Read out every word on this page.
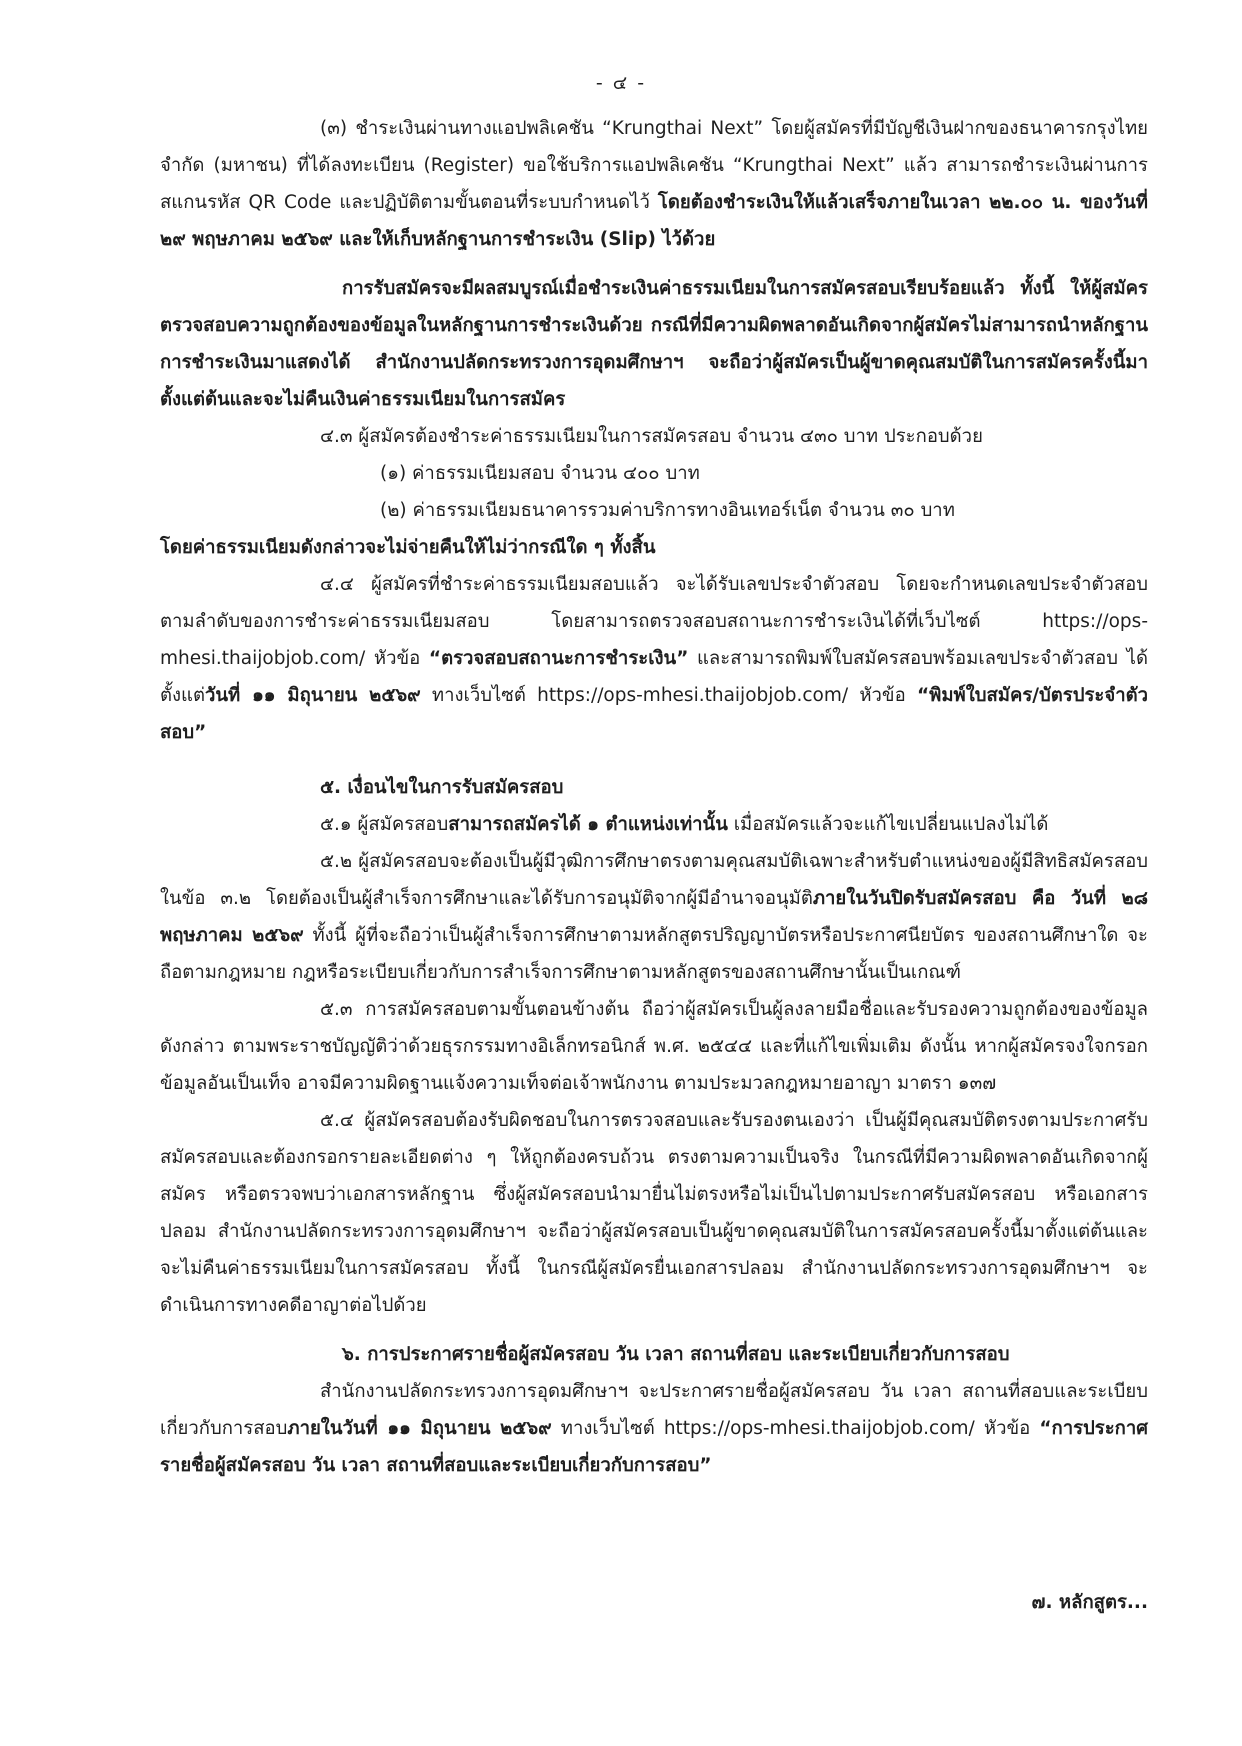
- ๔ -

(๓) ชำระเงินผ่านทางแอปพลิเคชัน “Krungthai Next” โดยผู้สมัครที่มีบัญชีเงินฝากของธนาคารกรุงไทย จำกัด (มหาชน) ที่ได้ลงทะเบียน (Register) ขอใช้บริการแอปพลิเคชัน “Krungthai Next” แล้ว สามารถชำระเงินผ่านการสแกนรหัส QR Code และปฏิบัติตามขั้นตอนที่ระบบกำหนดไว้ โดยต้องชำระเงินให้แล้วเสร็จภายในเวลา ๒๒.๐๐ น. ของวันที่ ๒๙ พฤษภาคม ๒๕๖๙ และให้เก็บหลักฐานการชำระเงิน (Slip) ไว้ด้วย

การรับสมัครจะมีผลสมบูรณ์เมื่อชำระเงินค่าธรรมเนียมในการสมัครสอบเรียบร้อยแล้ว ทั้งนี้ ให้ผู้สมัครตรวจสอบความถูกต้องของข้อมูลในหลักฐานการชำระเงินด้วย กรณีที่มีความผิดพลาดอันเกิดจากผู้สมัครไม่สามารถนำหลักฐานการชำระเงินมาแสดงได้ สำนักงานปลัดกระทรวงการอุดมศึกษาฯ จะถือว่าผู้สมัครเป็นผู้ขาดคุณสมบัติในการสมัครครั้งนี้มาตั้งแต่ต้นและจะไม่คืนเงินค่าธรรมเนียมในการสมัคร

๔.๓ ผู้สมัครต้องชำระค่าธรรมเนียมในการสมัครสอบ จำนวน ๔๓๐ บาท ประกอบด้วย

(๑) ค่าธรรมเนียมสอบ จำนวน ๔๐๐ บาท

(๒) ค่าธรรมเนียมธนาคารรวมค่าบริการทางอินเทอร์เน็ต จำนวน ๓๐ บาท

โดยค่าธรรมเนียมดังกล่าวจะไม่จ่ายคืนให้ไม่ว่ากรณีใด ๆ ทั้งสิ้น

๔.๔ ผู้สมัครที่ชำระค่าธรรมเนียมสอบแล้ว จะได้รับเลขประจำตัวสอบ โดยจะกำหนดเลขประจำตัวสอบ ตามลำดับของการชำระค่าธรรมเนียมสอบ โดยสามารถตรวจสอบสถานะการชำระเงินได้ที่เว็บไซต์ https://ops-mhesi.thaijobjob.com/ หัวข้อ “ตรวจสอบสถานะการชำระเงิน” และสามารถพิมพ์ใบสมัครสอบพร้อมเลขประจำตัวสอบ ได้ตั้งแต่วันที่ ๑๑ มิถุนายน ๒๕๖๙ ทางเว็บไซต์ https://ops-mhesi.thaijobjob.com/ หัวข้อ “พิมพ์ใบสมัคร/บัตรประจำตัวสอบ”

๕. เงื่อนไขในการรับสมัครสอบ

๕.๑ ผู้สมัครสอบสามารถสมัครได้ ๑ ตำแหน่งเท่านั้น เมื่อสมัครแล้วจะแก้ไขเปลี่ยนแปลงไม่ได้

๕.๒ ผู้สมัครสอบจะต้องเป็นผู้มีวุฒิการศึกษาตรงตามคุณสมบัติเฉพาะสำหรับตำแหน่งของผู้มีสิทธิสมัครสอบในข้อ ๓.๒ โดยต้องเป็นผู้สำเร็จการศึกษาและได้รับการอนุมัติจากผู้มีอำนาจอนุมัติภายในวันปิดรับสมัครสอบ คือ วันที่ ๒๘ พฤษภาคม ๒๕๖๙ ทั้งนี้ ผู้ที่จะถือว่าเป็นผู้สำเร็จการศึกษาตามหลักสูตรปริญญาบัตรหรือประกาศนียบัตร ของสถานศึกษาใด จะถือตามกฎหมาย กฎหรือระเบียบเกี่ยวกับการสำเร็จการศึกษาตามหลักสูตรของสถานศึกษานั้นเป็นเกณฑ์

๕.๓ การสมัครสอบตามขั้นตอนข้างต้น ถือว่าผู้สมัครเป็นผู้ลงลายมือชื่อและรับรองความถูกต้องของข้อมูลดังกล่าว ตามพระราชบัญญัติว่าด้วยธุรกรรมทางอิเล็กทรอนิกส์ พ.ศ. ๒๕๔๔ และที่แก้ไขเพิ่มเติม ดังนั้น หากผู้สมัครจงใจกรอกข้อมูลอันเป็นเท็จ อาจมีความผิดฐานแจ้งความเท็จต่อเจ้าพนักงาน ตามประมวลกฎหมายอาญา มาตรา ๑๓๗

๕.๔ ผู้สมัครสอบต้องรับผิดชอบในการตรวจสอบและรับรองตนเองว่า เป็นผู้มีคุณสมบัติตรงตามประกาศรับสมัครสอบและต้องกรอกรายละเอียดต่าง ๆ ให้ถูกต้องครบถ้วน ตรงตามความเป็นจริง ในกรณีที่มีความผิดพลาดอันเกิดจากผู้สมัคร หรือตรวจพบว่าเอกสารหลักฐาน ซึ่งผู้สมัครสอบนำมายื่นไม่ตรงหรือไม่เป็นไปตามประกาศรับสมัครสอบ หรือเอกสารปลอม สำนักงานปลัดกระทรวงการอุดมศึกษาฯ จะถือว่าผู้สมัครสอบเป็นผู้ขาดคุณสมบัติในการสมัครสอบครั้งนี้มาตั้งแต่ต้นและจะไม่คืนค่าธรรมเนียมในการสมัครสอบ ทั้งนี้ ในกรณีผู้สมัครยื่นเอกสารปลอม สำนักงานปลัดกระทรวงการอุดมศึกษาฯ จะดำเนินการทางคดีอาญาต่อไปด้วย

๖. การประกาศรายชื่อผู้สมัครสอบ วัน เวลา สถานที่สอบ และระเบียบเกี่ยวกับการสอบ

สำนักงานปลัดกระทรวงการอุดมศึกษาฯ จะประกาศรายชื่อผู้สมัครสอบ วัน เวลา สถานที่สอบและระเบียบเกี่ยวกับการสอบภายในวันที่ ๑๑ มิถุนายน ๒๕๖๙ ทางเว็บไซต์ https://ops-mhesi.thaijobjob.com/ หัวข้อ “การประกาศรายชื่อผู้สมัครสอบ วัน เวลา สถานที่สอบและระเบียบเกี่ยวกับการสอบ”

๗. หลักสูตร...
